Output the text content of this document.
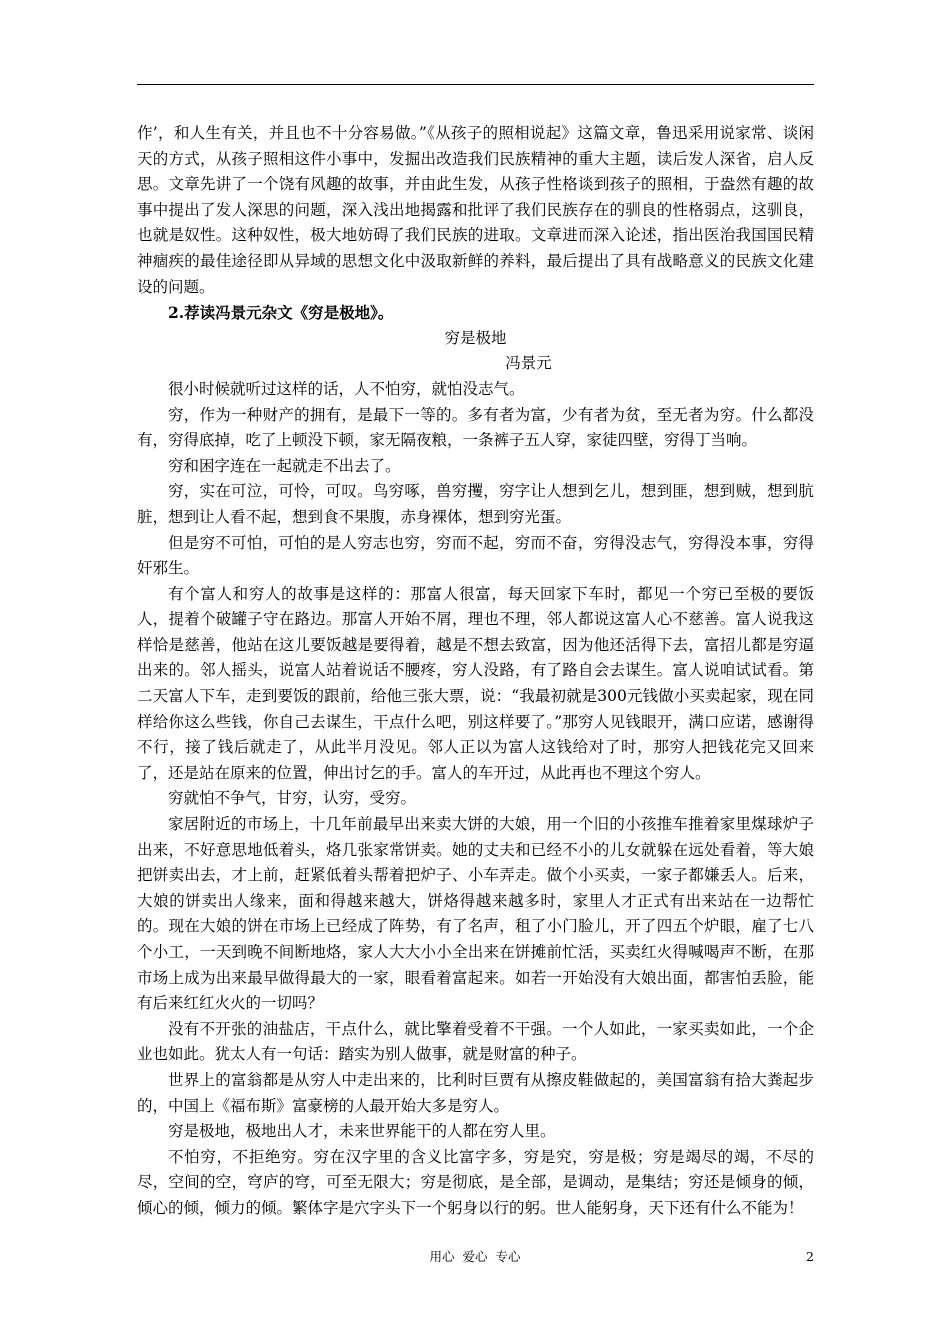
作’，和人生有关，并且也不十分容易做。”《从孩子的照相说起》这篇文章，鲁迅采用说家常、谈闲天的方式，从孩子照相这件小事中，发掘出改造我们民族精神的重大主题，读后发人深省，启人反思。文章先讲了一个饶有风趣的故事，并由此生发，从孩子性格谈到孩子的照相，于盎然有趣的故事中提出了发人深思的问题，深入浅出地揭露和批评了我们民族存在的驯良的性格弱点，这驯良，也就是奴性。这种奴性，极大地妨碍了我们民族的进取。文章进而深入论述，指出医治我国国民精神痼疾的最佳途径即从异域的思想文化中汲取新鲜的养料，最后提出了具有战略意义的民族文化建设的问题。

2.荐读冯景元杂文《穷是极地》。

穷是极地

冯景元

很小时候就听过这样的话，人不怕穷，就怕没志气。

穷，作为一种财产的拥有，是最下一等的。多有者为富，少有者为贫，至无者为穷。什么都没有，穷得底掉，吃了上顿没下顿，家无隔夜粮，一条裤子五人穿，家徒四壁，穷得丁当响。

穷和困字连在一起就走不出去了。

穷，实在可泣，可怜，可叹。鸟穷啄，兽穷攫，穷字让人想到乞儿，想到匪，想到贼，想到肮脏，想到让人看不起，想到食不果腹，赤身裸体，想到穷光蛋。

但是穷不可怕，可怕的是人穷志也穷，穷而不起，穷而不奋，穷得没志气，穷得没本事，穷得奸邪生。

有个富人和穷人的故事是这样的：那富人很富，每天回家下车时，都见一个穷已至极的要饭人，提着个破罐子守在路边。那富人开始不屑，理也不理，邻人都说这富人心不慈善。富人说我这样恰是慈善，他站在这儿要饭越是要得着，越是不想去致富，因为他还活得下去，富招儿都是穷逼出来的。邻人摇头，说富人站着说话不腰疼，穷人没路，有了路自会去谋生。富人说咱试试看。第二天富人下车，走到要饭的跟前，给他三张大票，说：“我最初就是300元钱做小买卖起家，现在同样给你这么些钱，你自己去谋生，干点什么吧，别这样要了。”那穷人见钱眼开，满口应诺，感谢得不行，接了钱后就走了，从此半月没见。邻人正以为富人这钱给对了时，那穷人把钱花完又回来了，还是站在原来的位置，伸出讨乞的手。富人的车开过，从此再也不理这个穷人。

穷就怕不争气，甘穷，认穷，受穷。

家居附近的市场上，十几年前最早出来卖大饼的大娘，用一个旧的小孩推车推着家里煤球炉子出来，不好意思地低着头，烙几张家常饼卖。她的丈夫和已经不小的儿女就躲在远处看着，等大娘把饼卖出去，才上前，赶紧低着头帮着把炉子、小车弄走。做个小买卖，一家子都嫌丢人。后来，大娘的饼卖出人缘来，面和得越来越大，饼烙得越来越多时，家里人才正式有出来站在一边帮忙的。现在大娘的饼在市场上已经成了阵势，有了名声，租了小门脸儿，开了四五个炉眼，雇了七八个小工，一天到晚不间断地烙，家人大大小小全出来在饼摊前忙活，买卖红火得喊喝声不断，在那市场上成为出来最早做得最大的一家，眼看着富起来。如若一开始没有大娘出面，都害怕丢脸，能有后来红红火火的一切吗？

没有不开张的油盐店，干点什么，就比擎着受着不干强。一个人如此，一家买卖如此，一个企业也如此。犹太人有一句话：踏实为别人做事，就是财富的种子。

世界上的富翁都是从穷人中走出来的，比利时巨贾有从擦皮鞋做起的，美国富翁有拾大粪起步的，中国上《福布斯》富豪榜的人最开始大多是穷人。

穷是极地，极地出人才，未来世界能干的人都在穷人里。

不怕穷，不拒绝穷。穷在汉字里的含义比富字多，穷是究，穷是极；穷是竭尽的竭，不尽的尽，空间的空，穹庐的穹，可至无限大；穷是彻底，是全部，是调动，是集结；穷还是倾身的倾，倾心的倾，倾力的倾。繁体字是穴字头下一个躬身以行的躬。世人能躬身，天下还有什么不能为！

用心  爱心  专心	2
